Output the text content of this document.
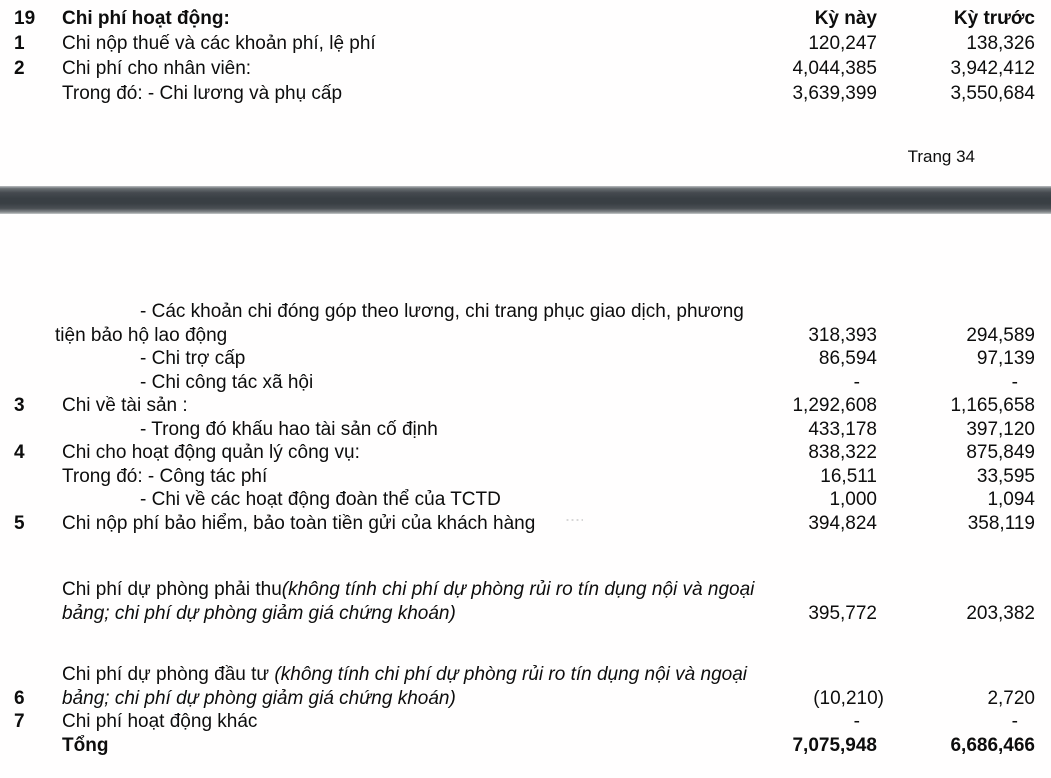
19	Chi phí hoạt động:	Kỳ này	Kỳ trước
1	Chi nộp thuế và các khoản phí, lệ phí	120,247	138,326
2	Chi phí cho nhân viên:	4,044,385	3,942,412
Trong đó: - Chi lương và phụ cấp	3,639,399	3,550,684
Trang 34
- Các khoản chi đóng góp theo lương, chi trang phục giao dịch, phương
tiện bảo hộ lao động	318,393	294,589
- Chi trợ cấp	86,594	97,139
- Chi công tác xã hội	-	-
3	Chi về tài sản :	1,292,608	1,165,658
- Trong đó khấu hao tài sản cố định	433,178	397,120
4	Chi cho hoạt động quản lý công vụ:	838,322	875,849
Trong đó: - Công tác phí	16,511	33,595
- Chi về các hoạt động đoàn thể của TCTD	1,000	1,094
5	Chi nộp phí bảo hiểm, bảo toàn tiền gửi của khách hàng	394,824	358,119
Chi phí dự phòng phải thu(không tính chi phí dự phòng rủi ro tín dụng nội và ngoại
bảng; chi phí dự phòng giảm giá chứng khoán)	395,772	203,382
Chi phí dự phòng đầu tư (không tính chi phí dự phòng rủi ro tín dụng nội và ngoại
6	bảng; chi phí dự phòng giảm giá chứng khoán)	(10,210)	2,720
7	Chi phí hoạt động khác	-	-
Tổng	7,075,948	6,686,466
